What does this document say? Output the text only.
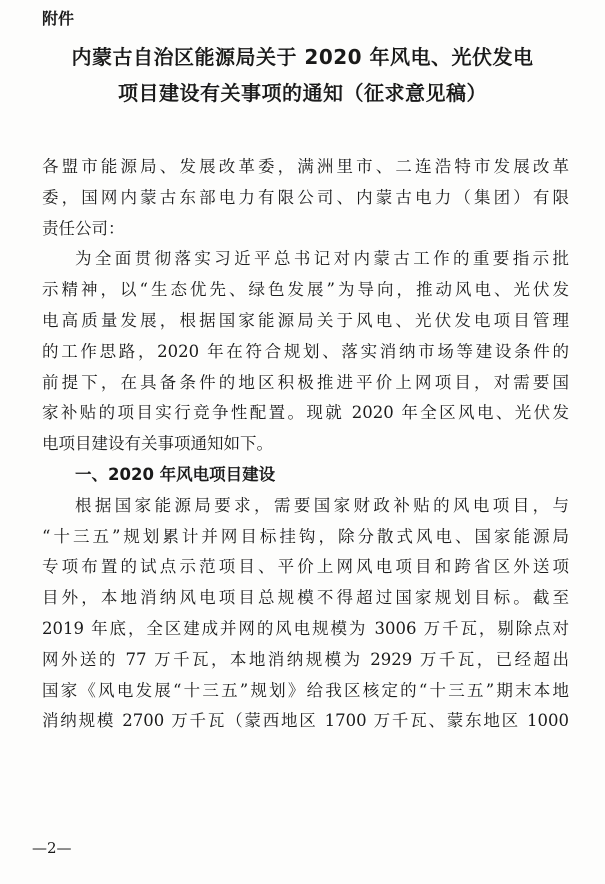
附件
内蒙古自治区能源局关于 2020 年风电、光伏发电
项目建设有关事项的通知（征求意见稿）
各盟市能源局、发展改革委，满洲里市、二连浩特市发展改革
委，国网内蒙古东部电力有限公司、内蒙古电力（集团）有限
责任公司：
为全面贯彻落实习近平总书记对内蒙古工作的重要指示批
示精神，以“生态优先、绿色发展”为导向，推动风电、光伏发
电高质量发展，根据国家能源局关于风电、光伏发电项目管理
的工作思路，2020 年在符合规划、落实消纳市场等建设条件的
前提下，在具备条件的地区积极推进平价上网项目，对需要国
家补贴的项目实行竞争性配置。现就 2020 年全区风电、光伏发
电项目建设有关事项通知如下。
一、2020 年风电项目建设
根据国家能源局要求，需要国家财政补贴的风电项目，与
“十三五”规划累计并网目标挂钩，除分散式风电、国家能源局
专项布置的试点示范项目、平价上网风电项目和跨省区外送项
目外，本地消纳风电项目总规模不得超过国家规划目标。截至
2019 年底，全区建成并网的风电规模为 3006 万千瓦，剔除点对
网外送的 77 万千瓦，本地消纳规模为 2929 万千瓦，已经超出
国家《风电发展“十三五”规划》给我区核定的“十三五”期末本地
消纳规模 2700 万千瓦（蒙西地区 1700 万千瓦、蒙东地区 1000
—2—
